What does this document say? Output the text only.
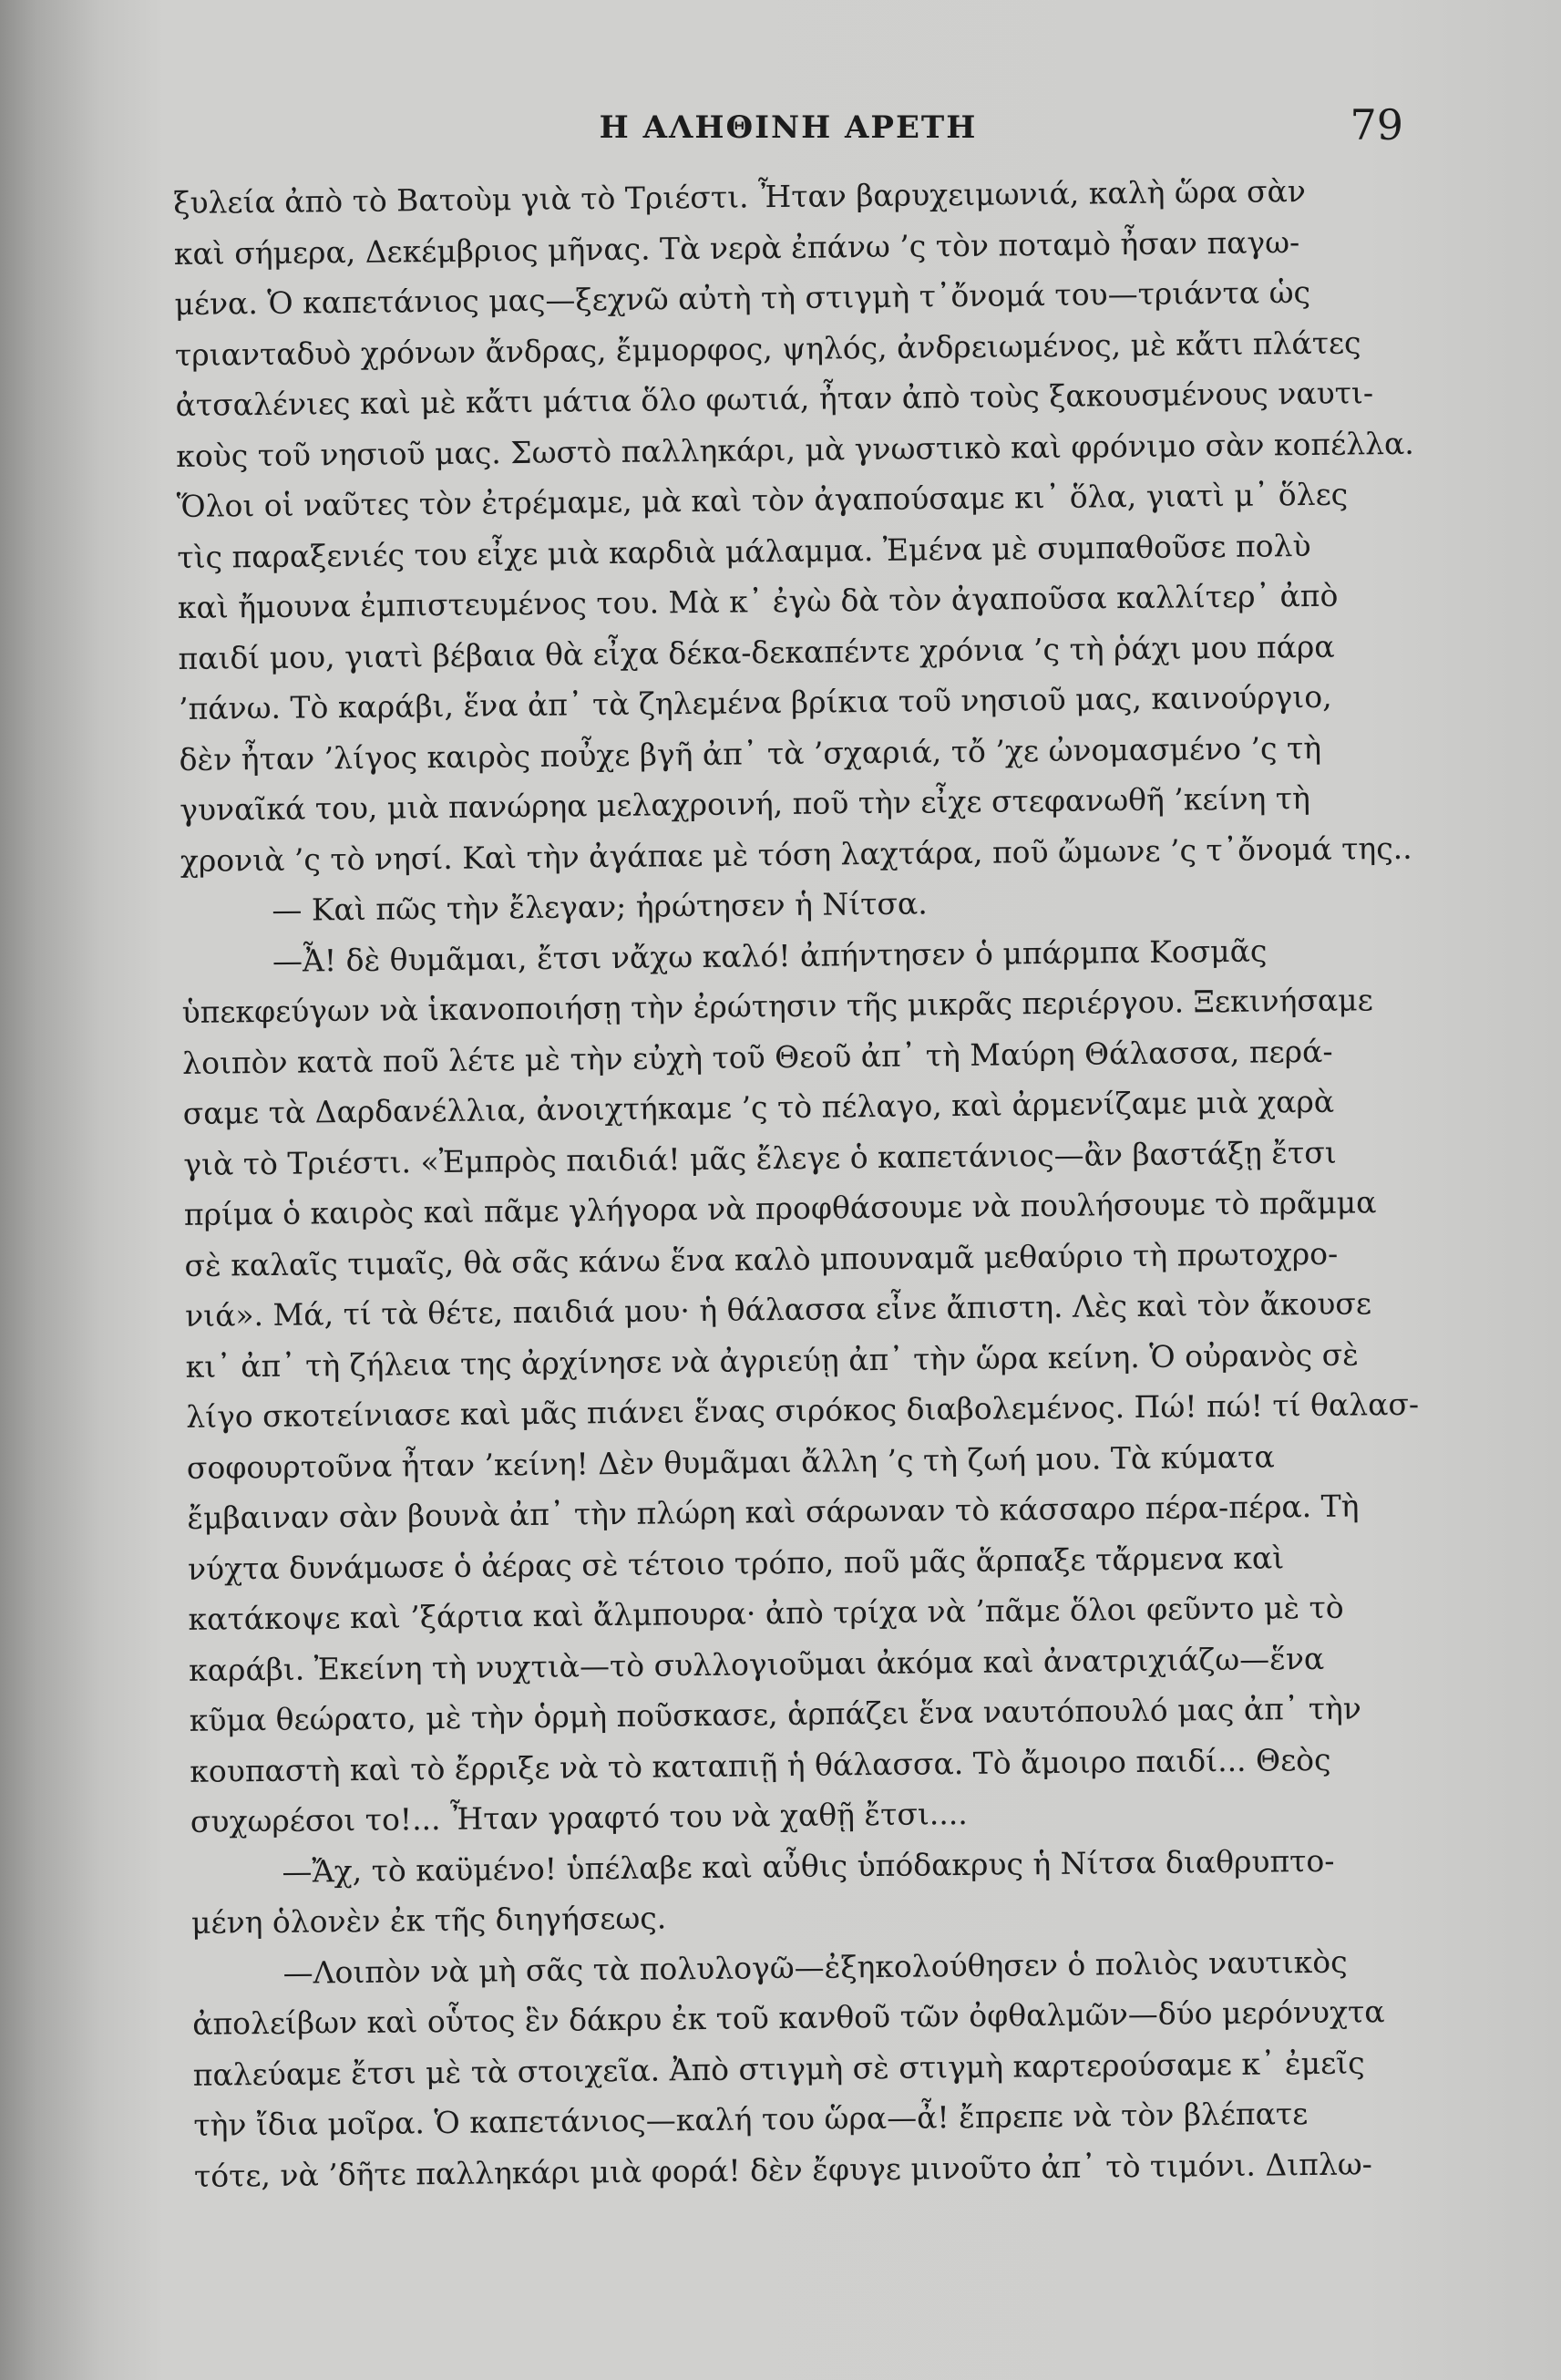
Η ΑΛΗΘΙΝΗ ΑΡΕΤΗ	79
ξυλεία ἀπὸ τὸ Βατοὺμ γιὰ τὸ Τριέστι. Ἦταν βαρυχειμωνιά, καλὴ ὥρα σὰν
καὶ σήμερα, Δεκέμβριος μῆνας. Τὰ νερὰ ἐπάνω ’ς τὸν ποταμὸ ἦσαν παγω-
μένα. Ὁ καπετάνιος μας—ξεχνῶ αὐτὴ τὴ στιγμὴ τ᾽ὄνομά του—τριάντα ὡς
τριανταδυὸ χρόνων ἄνδρας, ἔμμορφος, ψηλός, ἀνδρειωμένος, μὲ κἄτι πλάτες
ἀτσαλένιες καὶ μὲ κἄτι μάτια ὅλο φωτιά, ἦταν ἀπὸ τοὺς ξακουσμένους ναυτι-
κοὺς τοῦ νησιοῦ μας. Σωστὸ παλληκάρι, μὰ γνωστικὸ καὶ φρόνιμο σὰν κοπέλλα.
Ὅλοι οἱ ναῦτες τὸν ἐτρέμαμε, μὰ καὶ τὸν ἀγαπούσαμε κι᾽ ὅλα, γιατὶ μ᾽ ὅλες
τὶς παραξενιές του εἶχε μιὰ καρδιὰ μάλαμμα. Ἐμένα μὲ συμπαθοῦσε πολὺ
καὶ ἤμουνα ἐμπιστευμένος του. Μὰ κ᾽ ἐγὼ δὰ τὸν ἀγαποῦσα καλλίτερ᾽ ἀπὸ
παιδί μου, γιατὶ βέβαια θὰ εἶχα δέκα-δεκαπέντε χρόνια ’ς τὴ ῥάχι μου πάρα
’πάνω. Τὸ καράβι, ἕνα ἀπ᾽ τὰ ζηλεμένα βρίκια τοῦ νησιοῦ μας, καινούργιο,
δὲν ἦταν ’λίγος καιρὸς ποὖχε βγῆ ἀπ᾽ τὰ ’σχαριά, τὄ ’χε ὠνομασμένο ’ς τὴ
γυναῖκά του, μιὰ πανώρηα μελαχροινή, ποῦ τὴν εἶχε στεφανωθῆ ’κείνη τὴ
χρονιὰ ’ς τὸ νησί. Καὶ τὴν ἀγάπαε μὲ τόση λαχτάρα, ποῦ ὤμωνε ’ς τ᾽ὄνομά της..
— Καὶ πῶς τὴν ἔλεγαν; ἠρώτησεν ἡ Νίτσα.
—Ἆ! δὲ θυμᾶμαι, ἔτσι νἄχω καλό! ἀπήντησεν ὁ μπάρμπα Κοσμᾶς
ὑπεκφεύγων νὰ ἱκανοποιήσῃ τὴν ἐρώτησιν τῆς μικρᾶς περιέργου. Ξεκινήσαμε
λοιπὸν κατὰ ποῦ λέτε μὲ τὴν εὐχὴ τοῦ Θεοῦ ἀπ᾽ τὴ Μαύρη Θάλασσα, περά-
σαμε τὰ Δαρδανέλλια, ἀνοιχτήκαμε ’ς τὸ πέλαγο, καὶ ἀρμενίζαμε μιὰ χαρὰ
γιὰ τὸ Τριέστι. «Ἐμπρὸς παιδιά! μᾶς ἔλεγε ὁ καπετάνιος—ἂν βαστάξῃ ἔτσι
πρίμα ὁ καιρὸς καὶ πᾶμε γλήγορα νὰ προφθάσουμε νὰ πουλήσουμε τὸ πρᾶμμα
σὲ καλαῖς τιμαῖς, θὰ σᾶς κάνω ἕνα καλὸ μπουναμᾶ μεθαύριο τὴ πρωτοχρο-
νιά». Μά, τί τὰ θέτε, παιδιά μου· ἡ θάλασσα εἶνε ἄπιστη. Λὲς καὶ τὸν ἄκουσε
κι᾽ ἀπ᾽ τὴ ζήλεια της ἀρχίνησε νὰ ἀγριεύῃ ἀπ᾽ τὴν ὥρα κείνη. Ὁ οὐρανὸς σὲ
λίγο σκοτείνιασε καὶ μᾶς πιάνει ἕνας σιρόκος διαβολεμένος. Πώ! πώ! τί θαλασ-
σοφουρτοῦνα ἦταν ’κείνη! Δὲν θυμᾶμαι ἄλλη ’ς τὴ ζωή μου. Τὰ κύματα
ἔμβαιναν σὰν βουνὰ ἀπ᾽ τὴν πλώρη καὶ σάρωναν τὸ κάσσαρο πέρα-πέρα. Τὴ
νύχτα δυνάμωσε ὁ ἀέρας σὲ τέτοιο τρόπο, ποῦ μᾶς ἅρπαξε τἄρμενα καὶ
κατάκοψε καὶ ’ξάρτια καὶ ἄλμπουρα· ἀπὸ τρίχα νὰ ’πᾶμε ὅλοι φεῦντο μὲ τὸ
καράβι. Ἐκείνη τὴ νυχτιὰ—τὸ συλλογιοῦμαι ἀκόμα καὶ ἀνατριχιάζω—ἕνα
κῦμα θεώρατο, μὲ τὴν ὁρμὴ ποῦσκασε, ἁρπάζει ἕνα ναυτόπουλό μας ἀπ᾽ τὴν
κουπαστὴ καὶ τὸ ἔρριξε νὰ τὸ καταπιῇ ἡ θάλασσα. Τὸ ἄμοιρο παιδί... Θεὸς
συχωρέσοι το!... Ἦταν γραφτό του νὰ χαθῇ ἔτσι....
—Ἄχ, τὸ καϋμένο! ὑπέλαβε καὶ αὖθις ὑπόδακρυς ἡ Νίτσα διαθρυπτο-
μένη ὁλονὲν ἐκ τῆς διηγήσεως.
—Λοιπὸν νὰ μὴ σᾶς τὰ πολυλογῶ—ἐξηκολούθησεν ὁ πολιὸς ναυτικὸς
ἀπολείβων καὶ οὗτος ἓν δάκρυ ἐκ τοῦ κανθοῦ τῶν ὀφθαλμῶν—δύο μερόνυχτα
παλεύαμε ἔτσι μὲ τὰ στοιχεῖα. Ἀπὸ στιγμὴ σὲ στιγμὴ καρτερούσαμε κ᾽ ἐμεῖς
τὴν ἴδια μοῖρα. Ὁ καπετάνιος—καλή του ὥρα—ἆ! ἔπρεπε νὰ τὸν βλέπατε
τότε, νὰ ’δῆτε παλληκάρι μιὰ φορά! δὲν ἔφυγε μινοῦτο ἀπ᾽ τὸ τιμόνι. Διπλω-
